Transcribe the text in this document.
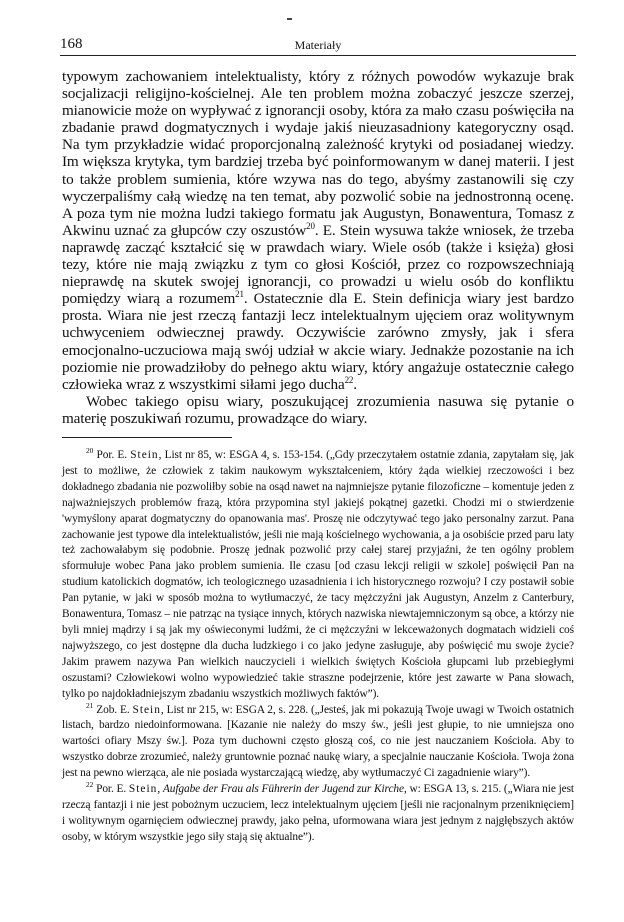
168	Materiały

typowym zachowaniem intelektualisty, który z różnych powodów wykazuje brak socjalizacji religijno-kościelnej. Ale ten problem można zobaczyć jeszcze szerzej, mianowicie może on wypływać z ignorancji osoby, która za mało czasu poświęciła na zbadanie prawd dogmatycznych i wydaje jakiś nieuzasadniony kategoryczny osąd. Na tym przykładzie widać proporcjonalną zależność krytyki od posiadanej wiedzy. Im większa krytyka, tym bardziej trzeba być poinformowanym w danej materii. I jest to także problem sumienia, które wzywa nas do tego, abyśmy zastanowili się czy wyczerpaliśmy całą wiedzę na ten temat, aby pozwolić sobie na jednostronną ocenę. A poza tym nie można ludzi takiego formatu jak Augustyn, Bonawentura, Tomasz z Akwinu uznać za głupców czy oszustów$^{20}$. E. Stein wysuwa także wniosek, że trzeba naprawdę zacząć kształcić się w prawdach wiary. Wiele osób (także i księża) głosi tezy, które nie mają związku z tym co głosi Kościół, przez co rozpowszechniają nieprawdę na skutek swojej ignorancji, co prowadzi u wielu osób do konfliktu pomiędzy wiarą a rozumem$^{21}$. Ostatecznie dla E. Stein definicja wiary jest bardzo prosta. Wiara nie jest rzeczą fantazji lecz intelektualnym ujęciem oraz wolitywnym uchwyceniem odwiecznej prawdy. Oczywiście zarówno zmysły, jak i sfera emocjonalno-uczuciowa mają swój udział w akcie wiary. Jednakże pozostanie na ich poziomie nie prowadziłoby do pełnego aktu wiary, który angażuje ostatecznie całego człowieka wraz z wszystkimi siłami jego ducha$^{22}$.

Wobec takiego opisu wiary, poszukującej zrozumienia nasuwa się pytanie o materię poszukiwań rozumu, prowadzące do wiary.

$^{20}$ Por. E. Stein, List nr 85, w: ESGA 4, s. 153-154. („Gdy przeczytałem ostatnie zdania, zapytałam się, jak jest to możliwe, że człowiek z takim naukowym wykształceniem, który żąda wielkiej rzeczowości i bez dokładnego zbadania nie pozwoliłby sobie na osąd nawet na najmniejsze pytanie filozoficzne – komentuje jeden z najważniejszych problemów frazą, która przypomina styl jakiejś pokątnej gazetki. Chodzi mi o stwierdzenie 'wymyślony aparat dogmatyczny do opanowania mas'. Proszę nie odczytywać tego jako personalny zarzut. Pana zachowanie jest typowe dla intelektualistów, jeśli nie mają kościelnego wychowania, a ja osobiście przed paru laty też zachowałabym się podobnie. Proszę jednak pozwolić przy całej starej przyjaźni, że ten ogólny problem sformułuje wobec Pana jako problem sumienia. Ile czasu [od czasu lekcji religii w szkole] poświęcił Pan na studium katolickich dogmatów, ich teologicznego uzasadnienia i ich historycznego rozwoju? I czy postawił sobie Pan pytanie, w jaki w sposób można to wytłumaczyć, że tacy mężczyźni jak Augustyn, Anzelm z Canterbury, Bonawentura, Tomasz – nie patrząc na tysiące innych, których nazwiska niewtajemniczonym są obce, a którzy nie byli mniej mądrzy i są jak my oświeconymi ludźmi, że ci mężczyźni w lekceważonych dogmatach widzieli coś najwyższego, co jest dostępne dla ducha ludzkiego i co jako jedyne zasługuje, aby poświęcić mu swoje życie? Jakim prawem nazywa Pan wielkich nauczycieli i wielkich świętych Kościoła głupcami lub przebiegłymi oszustami? Człowiekowi wolno wypowiedzieć takie straszne podejrzenie, które jest zawarte w Pana słowach, tylko po najdokładniejszym zbadaniu wszystkich możliwych faktów”).

$^{21}$ Zob. E. Stein, List nr 215, w: ESGA 2, s. 228. („Jesteś, jak mi pokazują Twoje uwagi w Twoich ostatnich listach, bardzo niedoinformowana. [Kazanie nie należy do mszy św., jeśli jest głupie, to nie umniejsza ono wartości ofiary Mszy św.]. Poza tym duchowni często głoszą coś, co nie jest nauczaniem Kościoła. Aby to wszystko dobrze zrozumieć, należy gruntownie poznać naukę wiary, a specjalnie nauczanie Kościoła. Twoja żona jest na pewno wierząca, ale nie posiada wystarczającą wiedzę, aby wytłumaczyć Ci zagadnienie wiary”).

$^{22}$ Por. E. Stein, Aufgabe der Frau als Führerin der Jugend zur Kirche, w: ESGA 13, s. 215. („Wiara nie jest rzeczą fantazji i nie jest pobożnym uczuciem, lecz intelektualnym ujęciem [jeśli nie racjonalnym przeniknięciem] i wolitywnym ogarnięciem odwiecznej prawdy, jako pełna, uformowana wiara jest jednym z najgłębszych aktów osoby, w którym wszystkie jego siły stają się aktualne”).
